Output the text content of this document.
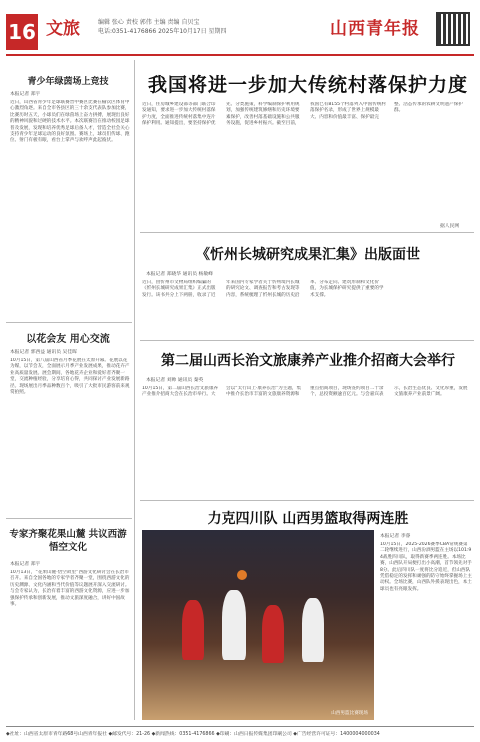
16 文旅	编辑 张心 责校 郭伟 主编 责编 自贝宝
电话:0351-4176866 2025年10月17日 星期四	山西青年报
青少年绿茵场上竞技
本报记者 郑宇
近日，山西省青少年足球联赛晋中赛区比赛在榆次区体育中心激烈角逐。来自全市各县区的三十余支代表队参加比赛，比赛历时五天，小球员们在绿茵场上奋力拼搏，展现出良好的精神风貌和过硬的技术水平。本次联赛旨在推动校园足球普及发展，发现和培养优秀足球后备人才，营造全社会关心支持青少年足球运动的良好氛围。赛场上，球员们传球、跑位、射门有板有眼，看台上掌声与欢呼声此起彼伏。
以花会友 用心交流
本报记者 郭西益 通讯员 吴佳晖
10月15日，第八届山西省月季花展在太原开幕。花展以花为媒，以节会友，全面展示月季产业发展成果，推动花卉产业高质量发展。展会期间，各地花卉企业和爱好者齐聚一堂，交流种植经验，分享培育心得，共同探讨产业发展新路径。现场展出月季品种数百个，吸引了大批市民游客前来观赏拍照。
专家齐聚花果山麓 共议西游悟空文化
本报记者 郑宇
10月13日，“花果山麓·悟空故里”西游文化研讨会在长治市召开。来自全国各地的专家学者齐聚一堂，围绕西游文化的历史渊源、文化内涵和当代价值等议题展开深入交流研讨。与会专家认为，长治有着丰富的西游文化资源，应进一步加强保护传承和创新发展，推动文旅深度融合，讲好中国故事。
我国将进一步加大传统村落保护力度
近日，住房城乡建设部等部门联合印发通知，要求进一步加大传统村落保护力度，全面推进传统村落集中连片保护利用。通知提出，要坚持保护优先、分类施策，科学编制保护利用规划，加强传统建筑修缮和历史环境要素保护，改善村落基础设施和公共服务设施，促进乡村振兴。截至目前，我国已有8155个村落列入中国传统村落保护名录，形成了世界上规模最大、内容和价值最丰富、保护最完整、活态传承的农耕文明遗产保护群。
据人民网
《忻州长城研究成果汇集》出版面世
本报记者 郑晓华 通讯员 杨敏峰
近日，由忻州市文物局组织编纂的《忻州长城研究成果汇集》正式出版发行。该书共分上下两册，收录了近年来国内专家学者关于忻州境内长城的研究论文、调查报告和考古发现等内容，系统梳理了忻州长城的历史沿革、分布走向、建筑形制和文化价值，为长城保护研究提供了重要的学术支撑。
第二届山西长治文旅康养产业推介招商大会举行
本报记者 刘帅 通讯员 秦英
10月15日，第二届山西长治文旅康养产业推介招商大会在长治市举行。大会以“太行山上·康养长治”为主题，集中推介长治市丰富的文旅康养资源和重点招商项目，现场签约项目二十余个，总投资额逾百亿元。与会嘉宾表示，长治生态优良、文化厚重，发展文旅康养产业前景广阔。
力克四川队 山西男篮取得两连胜
山西男篮比赛现场
本报记者 李睿
10月15日，2025-2026赛季CBA常规赛第二轮继续进行，山西汾酒男篮在主场以101:94战胜四川队，取得新赛季两连胜。本场比赛，山西队开局便打出小高潮，首节领先对手8分。此后四川队一度将比分追近，但山西队凭借稳定的发挥和顽强的防守始终掌握场上主动权。全场比赛，山西队外援表现出色，本土球员也有亮眼发挥。
◆社址：山西省太原市青年路68号山西青年报社 ◆邮发代号：21-26 ◆新闻热线：0351-4176866 ◆印刷：山西日报传媒集团印刷公司 ◆广告经营许可证号：1400004000034
